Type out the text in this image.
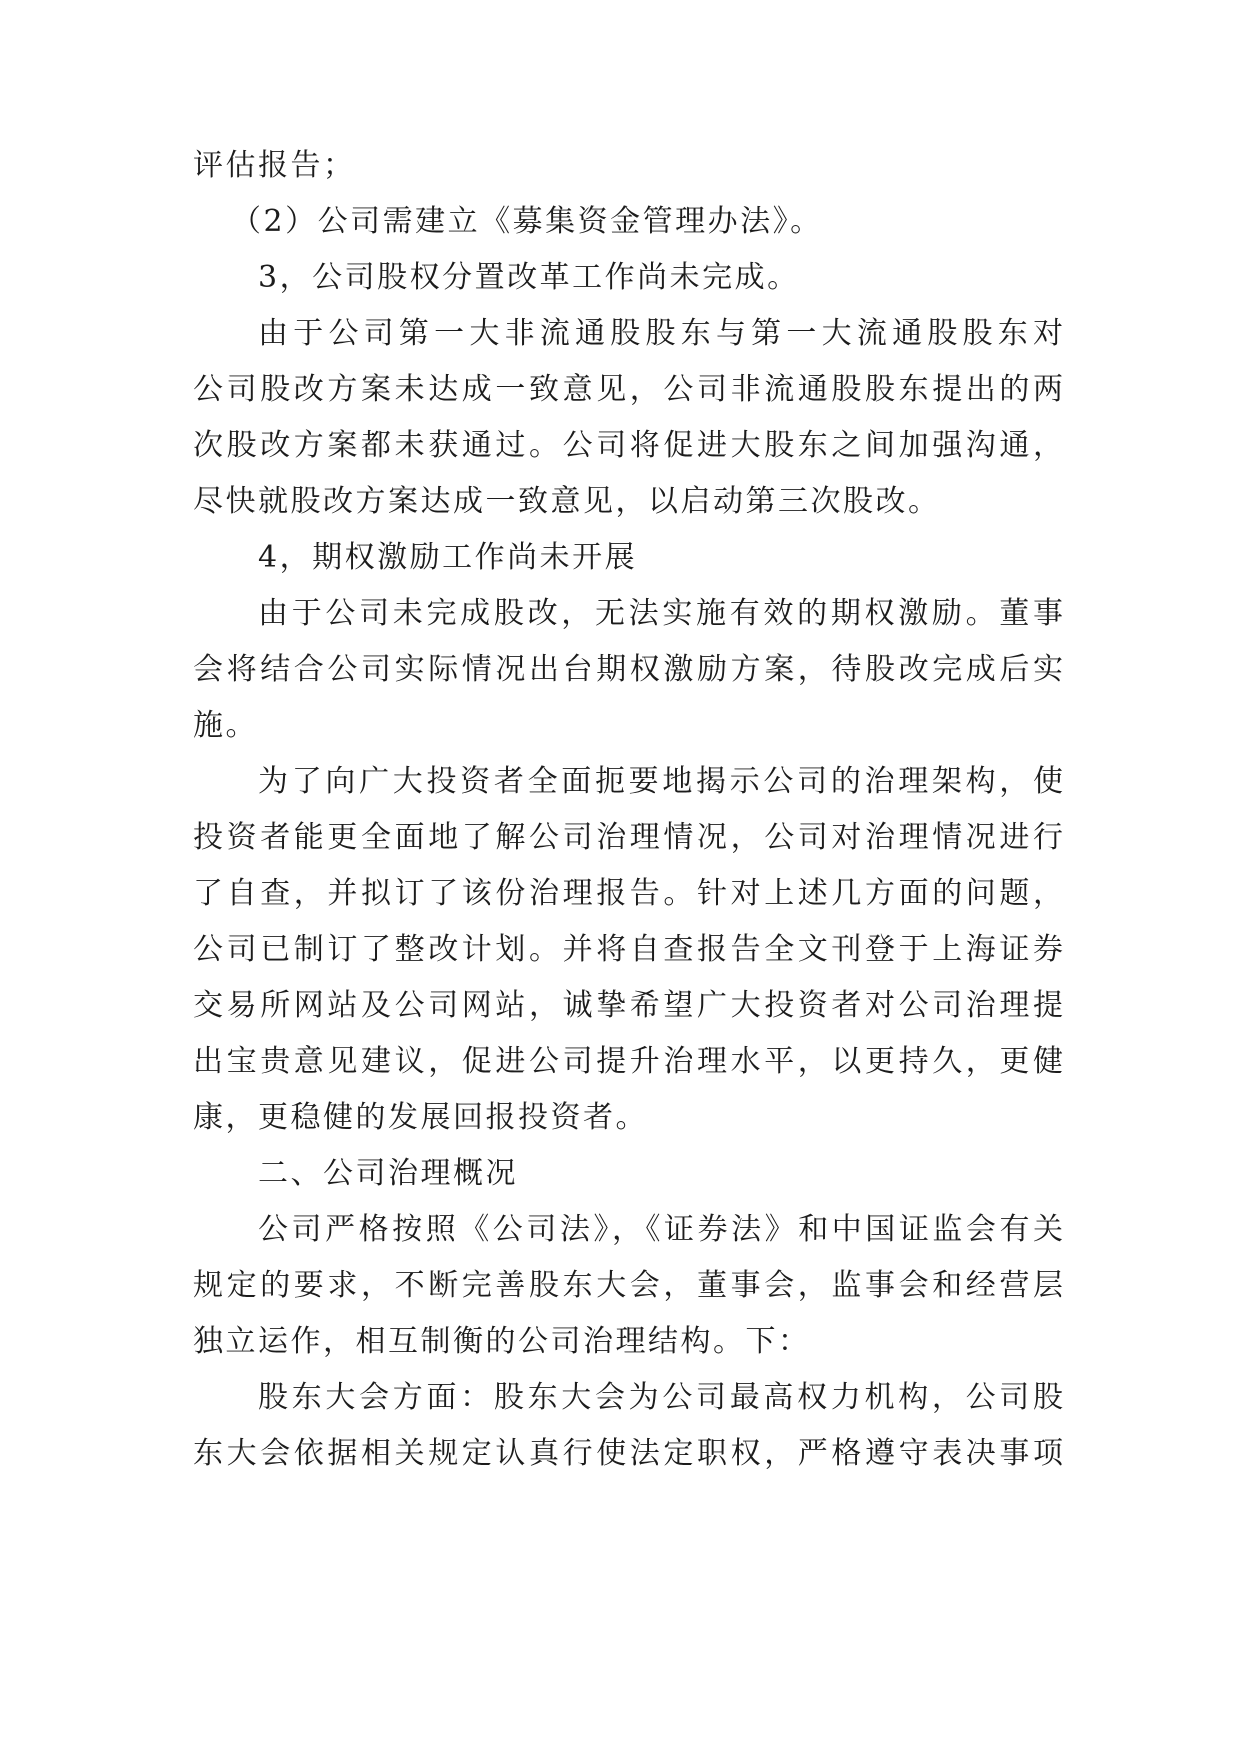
评估报告；

（2）公司需建立《募集资金管理办法》。

3，公司股权分置改革工作尚未完成。

由于公司第一大非流通股股东与第一大流通股股东对

公司股改方案未达成一致意见，公司非流通股股东提出的两

次股改方案都未获通过。公司将促进大股东之间加强沟通，

尽快就股改方案达成一致意见，以启动第三次股改。

4，期权激励工作尚未开展

由于公司未完成股改，无法实施有效的期权激励。董事

会将结合公司实际情况出台期权激励方案，待股改完成后实

施。

为了向广大投资者全面扼要地揭示公司的治理架构，使

投资者能更全面地了解公司治理情况，公司对治理情况进行

了自查，并拟订了该份治理报告。针对上述几方面的问题，

公司已制订了整改计划。并将自查报告全文刊登于上海证券

交易所网站及公司网站，诚挚希望广大投资者对公司治理提

出宝贵意见建议，促进公司提升治理水平，以更持久，更健

康，更稳健的发展回报投资者。

二、公司治理概况

公司严格按照《公司法》，《证券法》和中国证监会有关

规定的要求，不断完善股东大会，董事会，监事会和经营层

独立运作，相互制衡的公司治理结构。下：

股东大会方面：股东大会为公司最高权力机构，公司股

东大会依据相关规定认真行使法定职权，严格遵守表决事项
